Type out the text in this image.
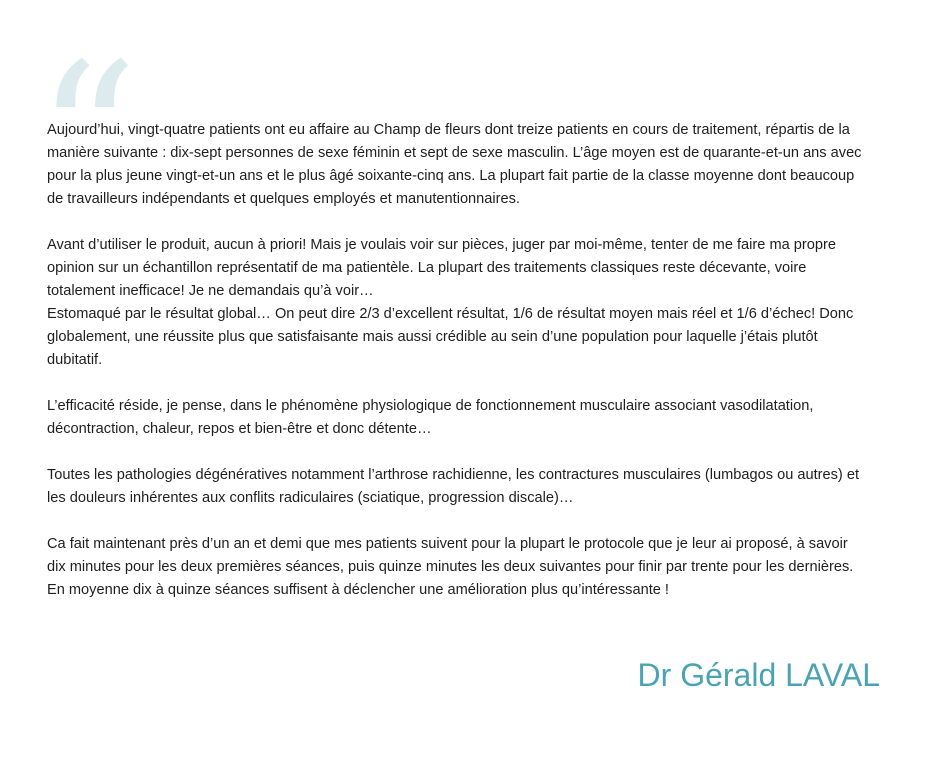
“

Aujourd’hui, vingt-quatre patients ont eu affaire au Champ de fleurs dont treize patients en cours de traitement, répartis de la
manière suivante : dix-sept personnes de sexe féminin et sept de sexe masculin. L’âge moyen est de quarante-et-un ans avec
pour la plus jeune vingt-et-un ans et le plus âgé soixante-cinq ans. La plupart fait partie de la classe moyenne dont beaucoup
de travailleurs indépendants et quelques employés et manutentionnaires.

Avant d’utiliser le produit, aucun à priori! Mais je voulais voir sur pièces, juger par moi-même, tenter de me faire ma propre
opinion sur un échantillon représentatif de ma patientèle. La plupart des traitements classiques reste décevante, voire
totalement inefficace! Je ne demandais qu’à voir…
Estomaqué par le résultat global… On peut dire 2/3 d’excellent résultat, 1/6 de résultat moyen mais réel et 1/6 d’échec! Donc
globalement, une réussite plus que satisfaisante mais aussi crédible au sein d’une population pour laquelle j’étais plutôt
dubitatif.

L’efficacité réside, je pense, dans le phénomène physiologique de fonctionnement musculaire associant vasodilatation,
décontraction, chaleur, repos et bien-être et donc détente…

Toutes les pathologies dégénératives notamment l’arthrose rachidienne, les contractures musculaires (lumbagos ou autres) et
les douleurs inhérentes aux conflits radiculaires (sciatique, progression discale)…

Ca fait maintenant près d’un an et demi que mes patients suivent pour la plupart le protocole que je leur ai proposé, à savoir
dix minutes pour les deux premières séances, puis quinze minutes les deux suivantes pour finir par trente pour les dernières.
En moyenne dix à quinze séances suffisent à déclencher une amélioration plus qu’intéressante !

Dr Gérald LAVAL
